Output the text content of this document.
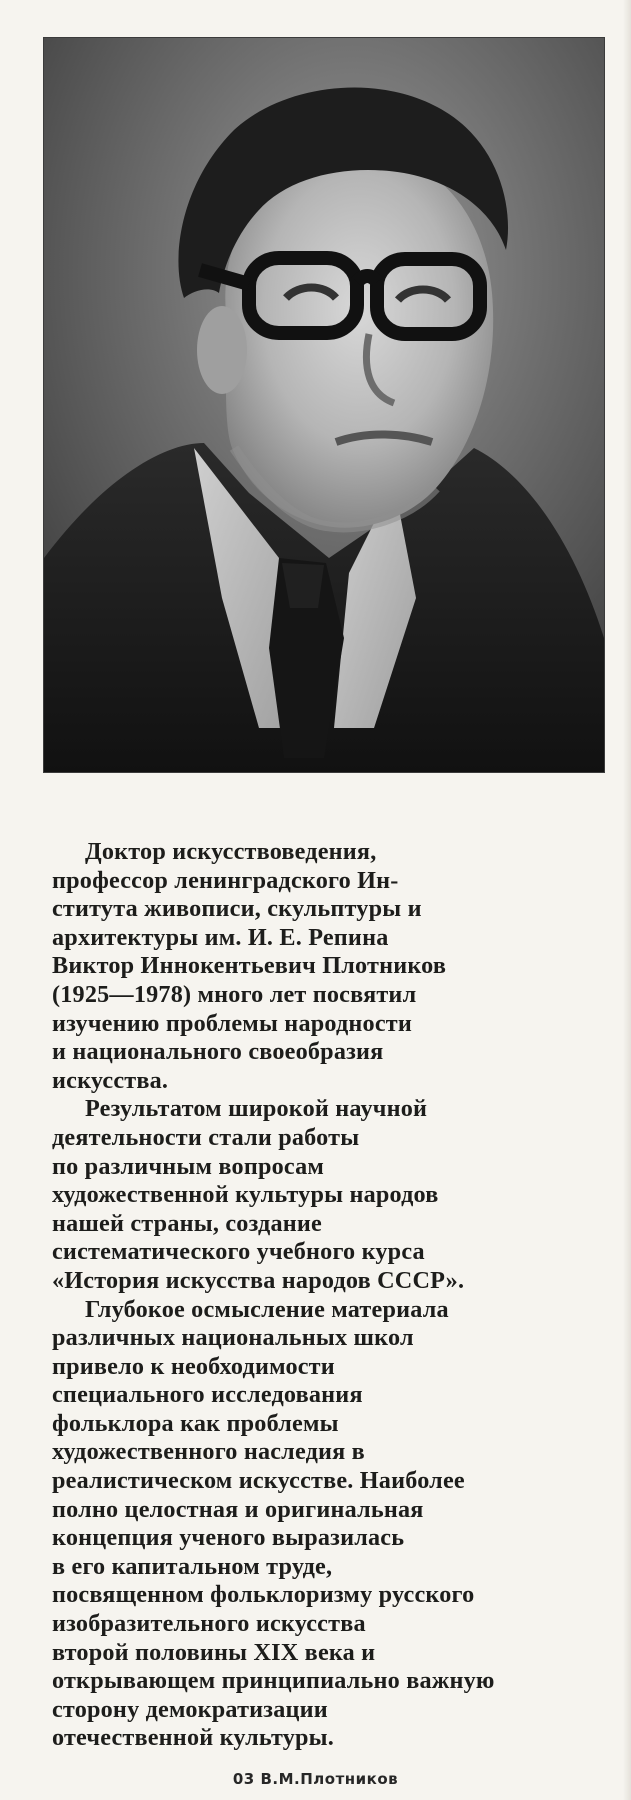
Доктор искусствоведения,
профессор ленинградского Ин-
ститута живописи, скульптуры и
архитектуры им. И. Е. Репина
Виктор Иннокентьевич Плотников
(1925—1978) много лет посвятил
изучению проблемы народности
и национального своеобразия
искусства.

Результатом широкой научной
деятельности стали работы
по различным вопросам
художественной культуры народов
нашей страны, создание
систематического учебного курса
«История искусства народов СССР».

Глубокое осмысление материала
различных национальных школ
привело к необходимости
специального исследования
фольклора как проблемы
художественного наследия в
реалистическом искусстве. Наиболее
полно целостная и оригинальная
концепция ученого выразилась
в его капитальном труде,
посвященном фольклоризму русского
изобразительного искусства
второй половины XIX века и
открывающем принципиально важную
сторону демократизации
отечественной культуры.

03 В.М.Плотников
